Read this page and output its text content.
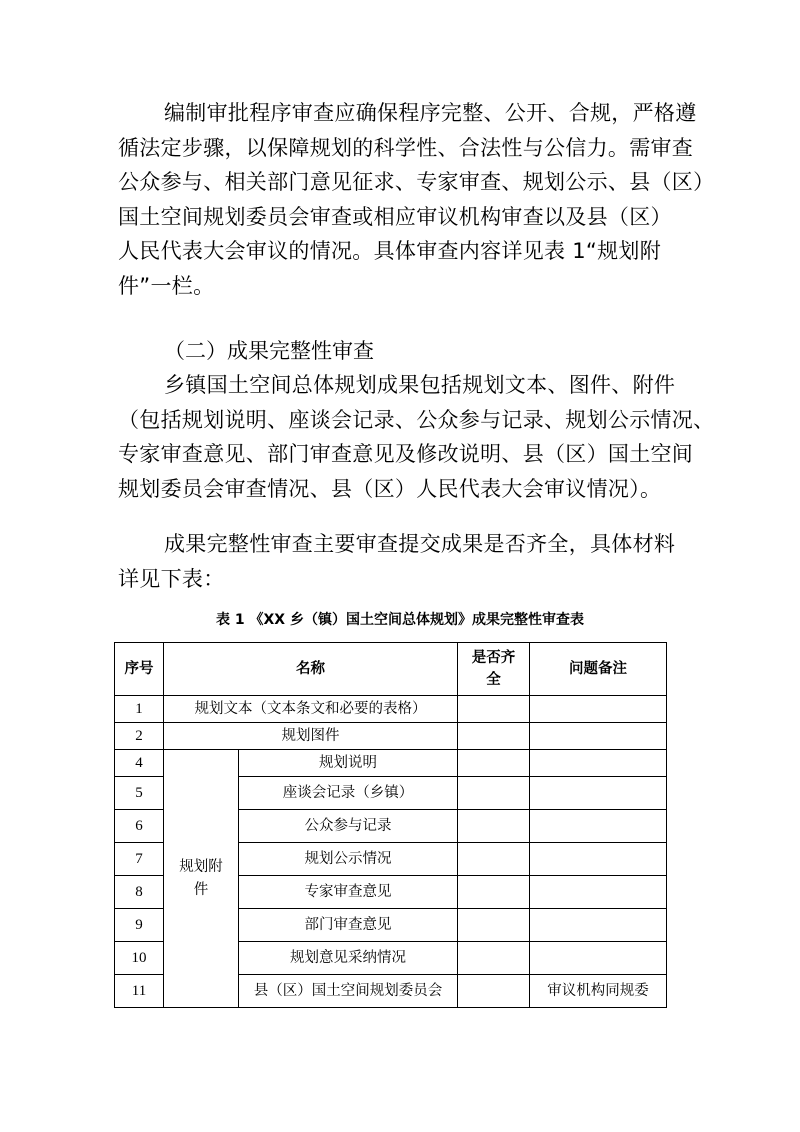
编制审批程序审查应确保程序完整、公开、合规，严格遵
循法定步骤，以保障规划的科学性、合法性与公信力。需审查
公众参与、相关部门意见征求、专家审查、规划公示、县（区）
国土空间规划委员会审查或相应审议机构审查以及县（区）
人民代表大会审议的情况。具体审查内容详见表 1“规划附
件”一栏。
（二）成果完整性审查
乡镇国土空间总体规划成果包括规划文本、图件、附件
（包括规划说明、座谈会记录、公众参与记录、规划公示情况、
专家审查意见、部门审查意见及修改说明、县（区）国土空间
规划委员会审查情况、县（区）人民代表大会审议情况）。
成果完整性审查主要审查提交成果是否齐全，具体材料
详见下表：
表 1 《XX 乡（镇）国土空间总体规划》成果完整性审查表
序号	名称		是否齐全	问题备注
1	规划文本（文本条文和必要的表格）			
2	规划图件			
4	规划附件	规划说明		
5		座谈会记录（乡镇）		
6		公众参与记录		
7		规划公示情况		
8		专家审查意见		
9		部门审查意见		
10		规划意见采纳情况		
11		县（区）国土空间规划委员会		审议机构同规委
